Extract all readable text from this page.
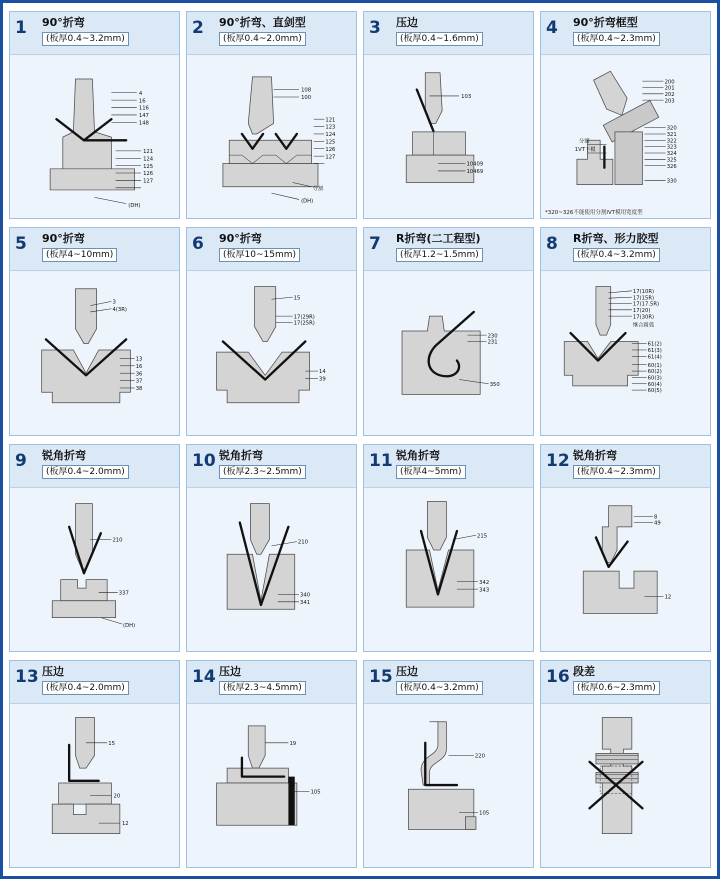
1 90°折弯
(板厚0.4~3.2mm)
4
16
116
147
148
121
124
125
126
127
(DH)
2 90°折弯、直剑型
(板厚0.4~2.0mm)
108
100
121
123
124
125
126
127
分割
(DH)
3 压边
(板厚0.4~1.6mm)
103
10409
10469
4 90°折弯框型
(板厚0.4~2.3mm)
200
201
202
203
分割
1VT下模
320
321
322
323
324
325
326
330
*320~326不能使用分割ⅠVT模用宽度型
5 90°折弯
(板厚4~10mm)
3
4(3R)
13
16
36
37
38
6 90°折弯
(板厚10~15mm)
15
17(29R)
17(25R)
14
39
7 R折弯(二工程型)
(板厚1.2~1.5mm)
230
231
350
8 R折弯、形力胶型
(板厚0.4~3.2mm)
17(10R)
17(15R)
17(17.5R)
17(20)
17(30R)
继合圆弧
61(2)
61(3)
61(4)
60(1)
60(2)
60(3)
60(4)
60(5)
9 锐角折弯
(板厚0.4~2.0mm)
210
337
(DH)
10 锐角折弯
(板厚2.3~2.5mm)
210
340
341
11 锐角折弯
(板厚4~5mm)
215
342
343
12 锐角折弯
(板厚0.4~2.3mm)
8
49
12
13 压边
(板厚0.4~2.0mm)
15
20
12
14 压边
(板厚2.3~4.5mm)
19
105
15 压边
(板厚0.4~3.2mm)
220
105
16 段差
(板厚0.6~2.3mm)
